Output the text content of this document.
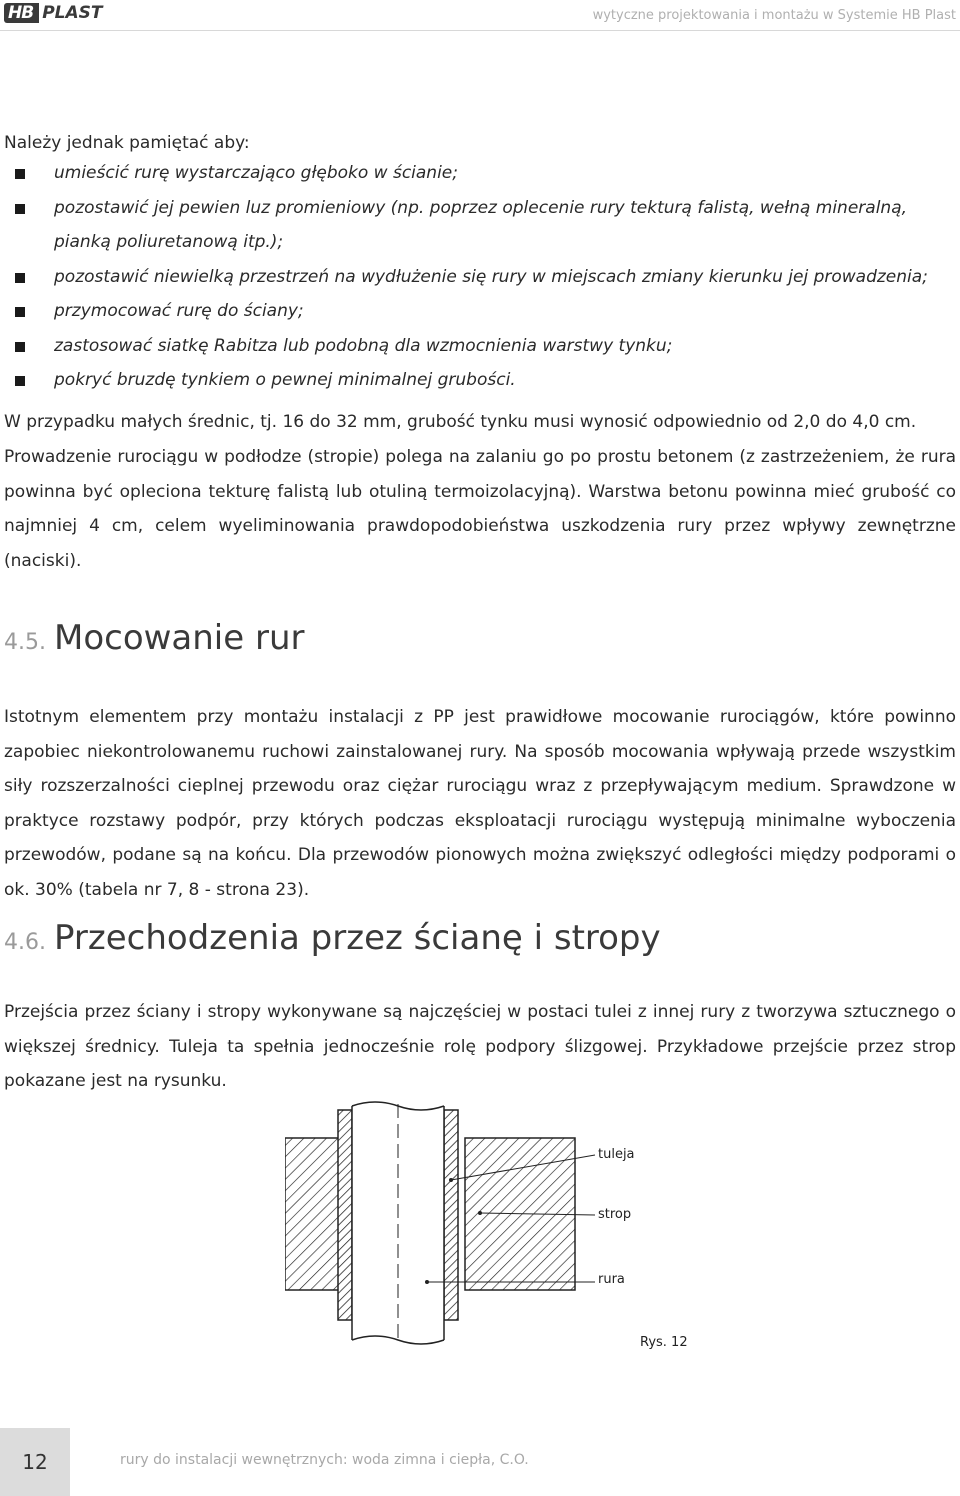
HB PLAST	wytyczne projektowania i montażu w Systemie HB Plast

Należy jednak pamiętać aby:

umieścić rurę wystarczająco głęboko w ścianie;
pozostawić jej pewien luz promieniowy (np. poprzez oplecenie rury tekturą falistą, wełną mineralną, pianką poliuretanową itp.);
pozostawić niewielką przestrzeń na wydłużenie się rury w miejscach zmiany kierunku jej prowadzenia;
przymocować rurę do ściany;
zastosować siatkę Rabitza lub podobną dla wzmocnienia warstwy tynku;
pokryć bruzdę tynkiem o pewnej minimalnej grubości.

W przypadku małych średnic, tj. 16 do 32 mm, grubość tynku musi wynosić odpowiednio od 2,0 do 4,0 cm.

Prowadzenie rurociągu w podłodze (stropie) polega na zalaniu go po prostu betonem (z zastrzeżeniem, że rura powinna być opleciona tekturę falistą lub otuliną termoizolacyjną). Warstwa betonu powinna mieć grubość co najmniej 4 cm, celem wyeliminowania prawdopodobieństwa uszkodzenia rury przez wpływy zewnętrzne (naciski).

4.5. Mocowanie rur

Istotnym elementem przy montażu instalacji z PP jest prawidłowe mocowanie rurociągów, które powinno zapobiec niekontrolowanemu ruchowi zainstalowanej rury. Na sposób mocowania wpływają przede wszystkim siły rozszerzalności cieplnej przewodu oraz ciężar rurociągu wraz z przepływającym medium. Sprawdzone w praktyce rozstawy podpór, przy których podczas eksploatacji rurociągu występują minimalne wyboczenia przewodów, podane są na końcu. Dla przewodów pionowych można zwiększyć odległości między podporami o ok. 30% (tabela nr 7, 8 - strona 23).

4.6. Przechodzenia przez ścianę i stropy

Przejścia przez ściany i stropy wykonywane są najczęściej w postaci tulei z innej rury z tworzywa sztucznego o większej średnicy. Tuleja ta spełnia jednocześnie rolę podpory ślizgowej. Przykładowe przejście przez strop pokazane jest na rysunku.

tuleja
strop
rura
Rys. 12
12	rury do instalacji wewnętrznych: woda zimna i ciepła, C.O.
